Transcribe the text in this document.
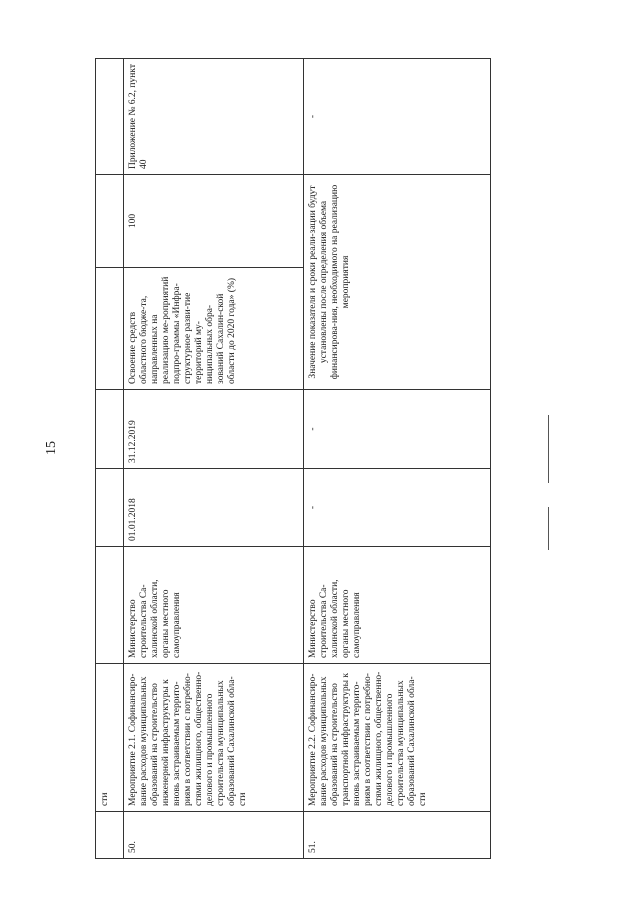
15
	сти						
50.	Мероприятие 2.1. Софинансиро-вание расходов муниципальных образований на строительство инженерной инфраструктуры к вновь застраиваемым террито-риям в соответствии с потребно-стями жилищного, общественно-делового и промышленного строительства муниципальных образований Сахалинской обла-сти	Министерство строительства Са-халинской области, органы местного самоуправления	01.01.2018	31.12.2019	Освоение средств областного бюдже-та, направленных на реализацию ме-роприятий подпро-граммы «Инфра-структурное разви-тие территорий му-ниципальных обра-зований Сахалин-ской области до 2020 года» (%)	100	Приложение № 6.2, пункт 40
51.	Мероприятие 2.2. Софинансиро-вание расходов муниципальных образований на строительство транспортной инфраструктуры к вновь застраиваемым террито-риям в соответствии с потребно-стями жилищного, общественно-делового и промышленного строительства муниципальных образований Сахалинской обла-сти	Министерство строительства Са-халинской области, органы местного самоуправления	-	-	Значение показателя и сроки реали-зации будут установлены после определения объема финансирова-ния, необходимого на реализацию мероприятия		-
